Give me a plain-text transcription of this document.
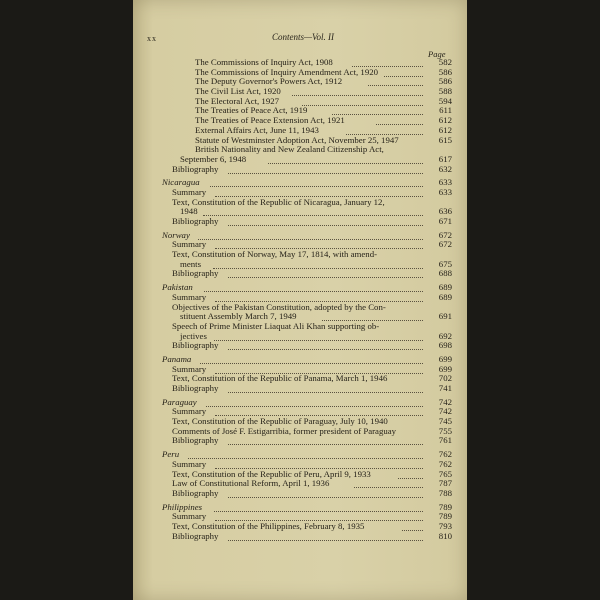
xx	Contents—Vol. II
Page
The Commissions of Inquiry Act, 1908	582
The Commissions of Inquiry Amendment Act, 1920	586
The Deputy Governor's Powers Act, 1912	586
The Civil List Act, 1920	588
The Electoral Act, 1927	594
The Treaties of Peace Act, 1919	611
The Treaties of Peace Extension Act, 1921	612
External Affairs Act, June 11, 1943	612
Statute of Westminster Adoption Act, November 25, 1947	615
British Nationality and New Zealand Citizenship Act,
September 6, 1948	617
Bibliography	632
Nicaragua	633
Summary	633
Text, Constitution of the Republic of Nicaragua, January 12,
1948	636
Bibliography	671
Norway	672
Summary	672
Text, Constitution of Norway, May 17, 1814, with amend-
ments	675
Bibliography	688
Pakistan	689
Summary	689
Objectives of the Pakistan Constitution, adopted by the Con-
stituent Assembly March 7, 1949	691
Speech of Prime Minister Liaquat Ali Khan supporting ob-
jectives	692
Bibliography	698
Panama	699
Summary	699
Text, Constitution of the Republic of Panama, March 1, 1946	702
Bibliography	741
Paraguay	742
Summary	742
Text, Constitution of the Republic of Paraguay, July 10, 1940	745
Comments of José F. Estigarribia, former president of Paraguay	755
Bibliography	761
Peru	762
Summary	762
Text, Constitution of the Republic of Peru, April 9, 1933	765
Law of Constitutional Reform, April 1, 1936	787
Bibliography	788
Philippines	789
Summary	789
Text, Constitution of the Philippines, February 8, 1935	793
Bibliography	810
